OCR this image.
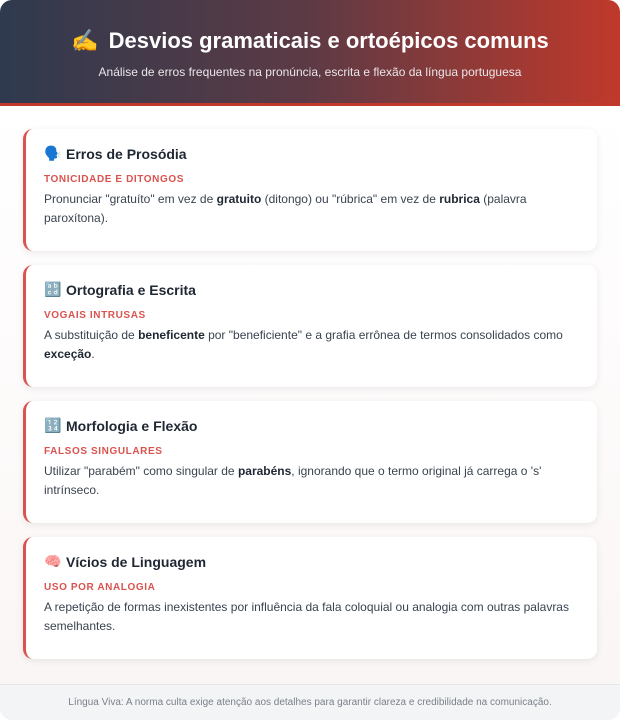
✍️ Desvios gramaticais e ortoépicos comuns
Análise de erros frequentes na pronúncia, escrita e flexão da língua portuguesa
🗣️ Erros de Prosódia
TONICIDADE E DITONGOS
Pronunciar "gratuíto" em vez de gratuito (ditongo) ou "rúbrica" em vez de rubrica (palavra paroxítona).
🔡 Ortografia e Escrita
VOGAIS INTRUSAS
A substituição de beneficente por "beneficiente" e a grafia errônea de termos consolidados como exceção.
🔢 Morfologia e Flexão
FALSOS SINGULARES
Utilizar "parabém" como singular de parabéns, ignorando que o termo original já carrega o 's' intrínseco.
🧠 Vícios de Linguagem
USO POR ANALOGIA
A repetição de formas inexistentes por influência da fala coloquial ou analogia com outras palavras semelhantes.
Língua Viva: A norma culta exige atenção aos detalhes para garantir clareza e credibilidade na comunicação.
